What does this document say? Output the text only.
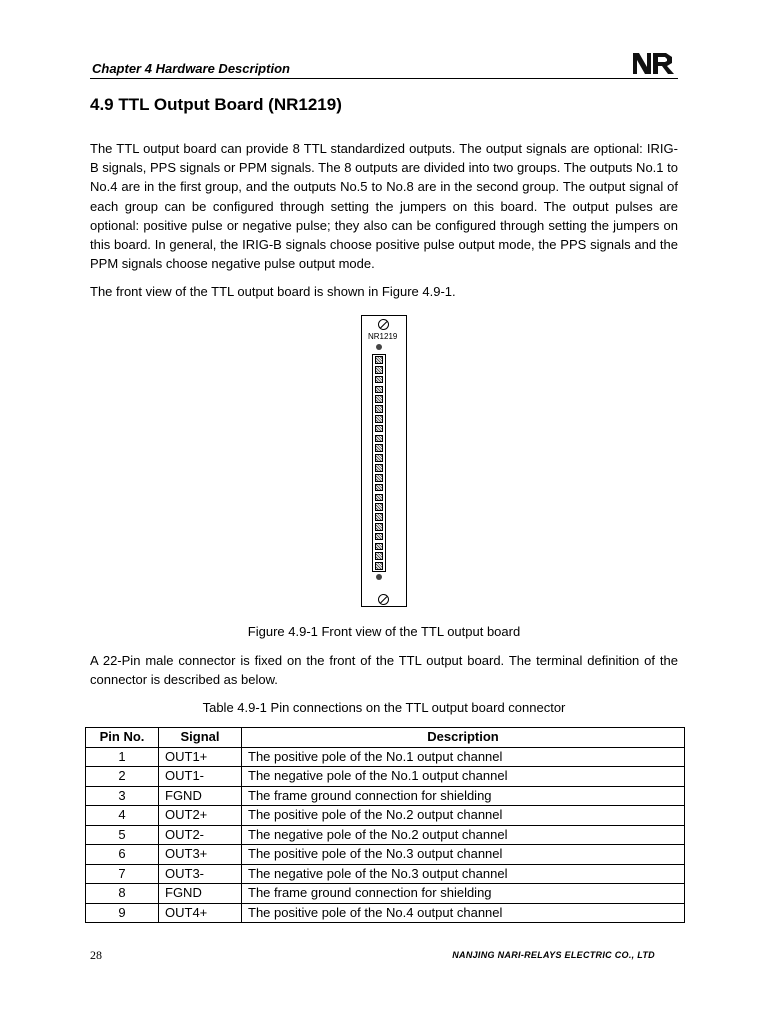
Chapter 4 Hardware Description
4.9 TTL Output Board (NR1219)

The TTL output board can provide 8 TTL standardized outputs. The output signals are optional: IRIG-B signals, PPS signals or PPM signals. The 8 outputs are divided into two groups. The outputs No.1 to No.4 are in the first group, and the outputs No.5 to No.8 are in the second group. The output signal of each group can be configured through setting the jumpers on this board. The output pulses are optional: positive pulse or negative pulse; they also can be configured through setting the jumpers on this board. In general, the IRIG-B signals choose positive pulse output mode, the PPS signals and the PPM signals choose negative pulse output mode.

The front view of the TTL output board is shown in Figure 4.9-1.

NR1219
Figure 4.9-1 Front view of the TTL output board

A 22-Pin male connector is fixed on the front of the TTL output board. The terminal definition of the connector is described as below.

Table 4.9-1 Pin connections on the TTL output board connector
Pin No.	Signal	Description
1	OUT1+	The positive pole of the No.1 output channel
2	OUT1-	The negative pole of the No.1 output channel
3	FGND	The frame ground connection for shielding
4	OUT2+	The positive pole of the No.2 output channel
5	OUT2-	The negative pole of the No.2 output channel
6	OUT3+	The positive pole of the No.3 output channel
7	OUT3-	The negative pole of the No.3 output channel
8	FGND	The frame ground connection for shielding
9	OUT4+	The positive pole of the No.4 output channel
28	NANJING NARI-RELAYS ELECTRIC CO., LTD
